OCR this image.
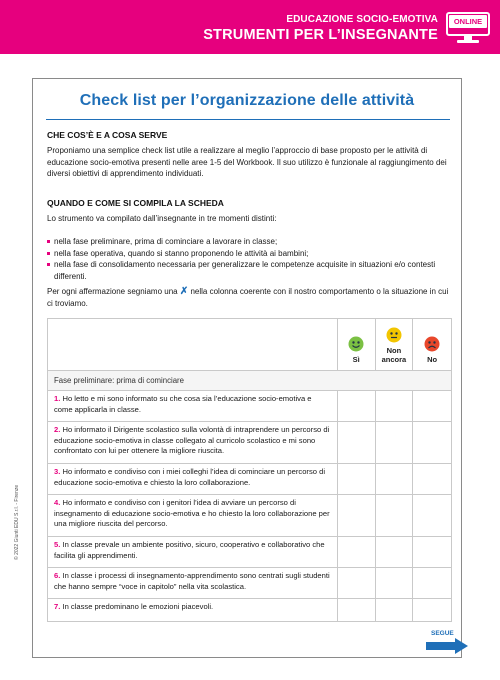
EDUCAZIONE SOCIO-EMOTIVA
STRUMENTI PER L’INSEGNANTE
ONLINE
Check list per l’organizzazione delle attività
CHE COS’È E A COSA SERVE
Proponiamo una semplice check list utile a realizzare al meglio l’approccio di base proposto per le attività di educazione socio-emotiva presenti nelle aree 1-5 del Workbook. Il suo utilizzo è funzionale al raggiungimento dei diversi obiettivi di apprendimento individuati.
QUANDO E COME SI COMPILA LA SCHEDA
Lo strumento va compilato dall’insegnante in tre momenti distinti:
nella fase preliminare, prima di cominciare a lavorare in classe;
nella fase operativa, quando si stanno proponendo le attività ai bambini;
nella fase di consolidamento necessaria per generalizzare le competenze acquisite in situazioni e/o contesti differenti.
Per ogni affermazione segniamo una ✗ nella colonna coerente con il nostro comportamento o la situazione in cui ci troviamo.
Sì
Non ancora	No
Fase preliminare: prima di cominciare
1. Ho letto e mi sono informato su che cosa sia l’educazione socio-emotiva e come applicarla in classe.
2. Ho informato il Dirigente scolastico sulla volontà di intraprendere un percorso di educazione socio-emotiva in classe collegato al curricolo scolastico e mi sono confrontato con lui per ottenere la migliore riuscita.
3. Ho informato e condiviso con i miei colleghi l’idea di cominciare un percorso di educazione socio-emotiva e chiesto la loro collaborazione.
4. Ho informato e condiviso con i genitori l’idea di avviare un percorso di insegnamento di educazione socio-emotiva e ho chiesto la loro collaborazione per una migliore riuscita del percorso.
5. In classe prevale un ambiente positivo, sicuro, cooperativo e collaborativo che facilita gli apprendimenti.
6. In classe i processi di insegnamento-apprendimento sono centrati sugli studenti che hanno sempre “voce in capitolo” nella vita scolastica.
7. In classe predominano le emozioni piacevoli.
© 2022 Giunti EDU S.r.l. - Firenze
SEGUE
